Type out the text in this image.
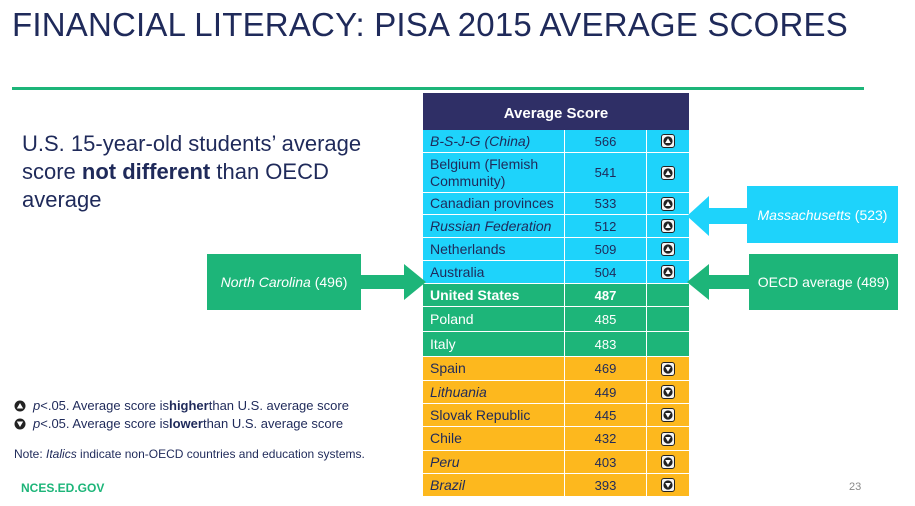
FINANCIAL LITERACY: PISA 2015 AVERAGE SCORES
U.S. 15-year-old students’ average score not different than OECD average
Average Score
B-S-J-G (China)	566
Belgium (Flemish Community)	541
Canadian provinces	533
Russian Federation	512
Netherlands	509
Australia	504
United States	487
Poland	485
Italy	483
Spain	469
Lithuania	449
Slovak Republic	445
Chile	432
Peru	403
Brazil	393
North Carolina
(496)
Massachusetts
(523)
OECD average (489)
p <.05. Average score is higher than U.S. average score
p <.05. Average score is lower than U.S. average score
Note: Italics indicate non-OECD countries and education systems.
NCES.ED.GOV	23
